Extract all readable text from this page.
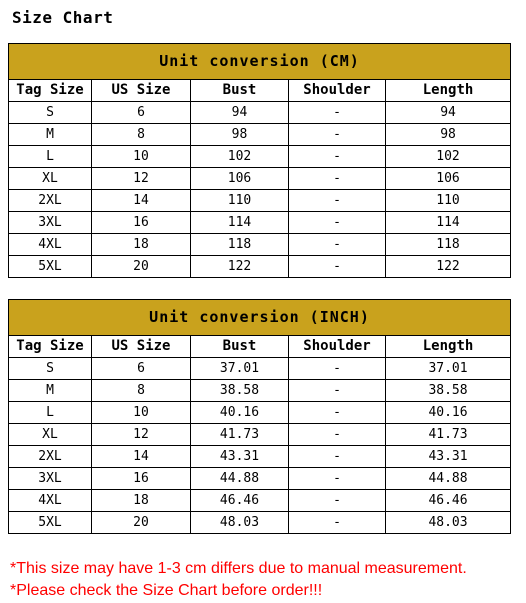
Size Chart
Unit conversion (CM)				
Tag Size	US Size	Bust	Shoulder	Length
S	6	94	-	94
M	8	98	-	98
L	10	102	-	102
XL	12	106	-	106
2XL	14	110	-	110
3XL	16	114	-	114
4XL	18	118	-	118
5XL	20	122	-	122
Unit conversion (INCH)				
Tag Size	US Size	Bust	Shoulder	Length
S	6	37.01	-	37.01
M	8	38.58	-	38.58
L	10	40.16	-	40.16
XL	12	41.73	-	41.73
2XL	14	43.31	-	43.31
3XL	16	44.88	-	44.88
4XL	18	46.46	-	46.46
5XL	20	48.03	-	48.03
*This size may have 1-3 cm differs due to manual measurement.
*Please check the Size Chart before order!!!
